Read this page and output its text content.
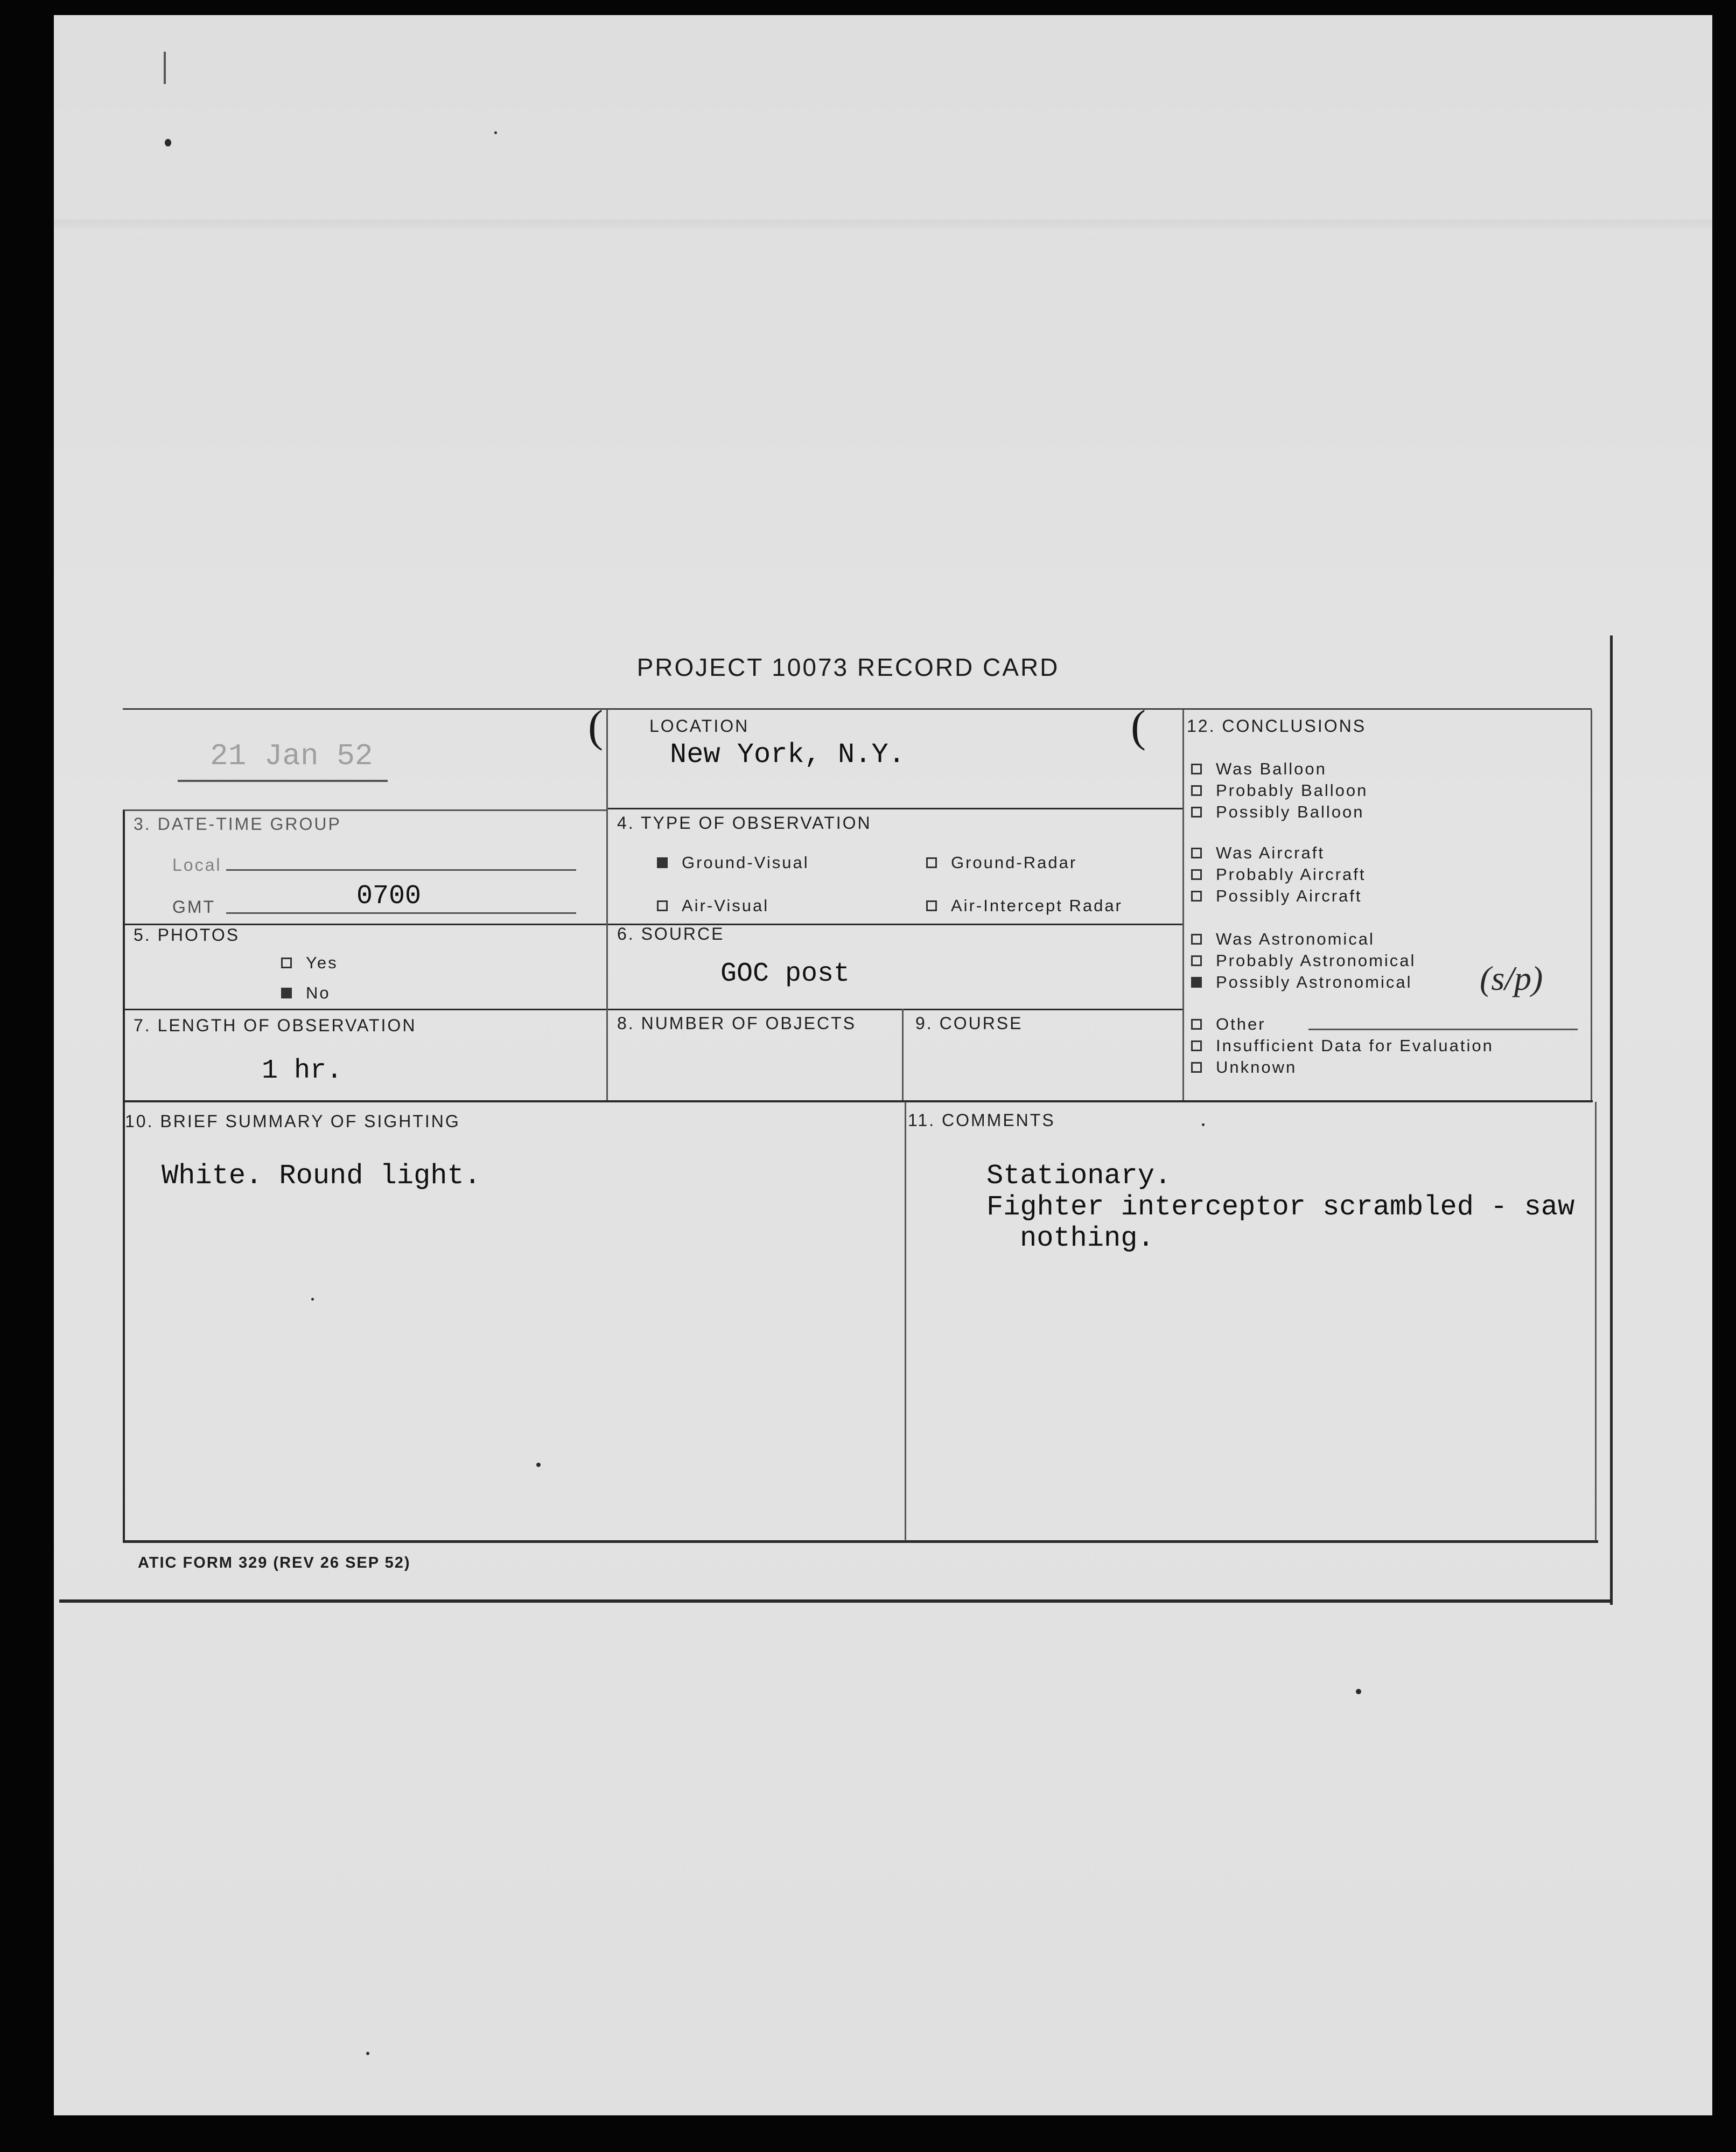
PROJECT 10073 RECORD CARD
(	(
21 Jan 52
LOCATION
New York, N.Y.
3. DATE-TIME GROUP
Local
GMT	0700
4. TYPE OF OBSERVATION
Ground-Visual	Ground-Radar
Air-Visual	Air-Intercept Radar
5. PHOTOS
Yes
No
6. SOURCE
GOC post
7. LENGTH OF OBSERVATION
1 hr.
8. NUMBER OF OBJECTS	9. COURSE
10. BRIEF SUMMARY OF SIGHTING
White. Round light.
11. COMMENTS
Stationary.
Fighter interceptor scrambled - saw
nothing.
12. CONCLUSIONS
Was Balloon
Probably Balloon
Possibly Balloon
Was Aircraft
Probably Aircraft
Possibly Aircraft
Was Astronomical
Probably Astronomical
Possibly Astronomical (s/p)
Other
Insufficient Data for Evaluation
Unknown
ATIC FORM 329 (REV 26 SEP 52)
